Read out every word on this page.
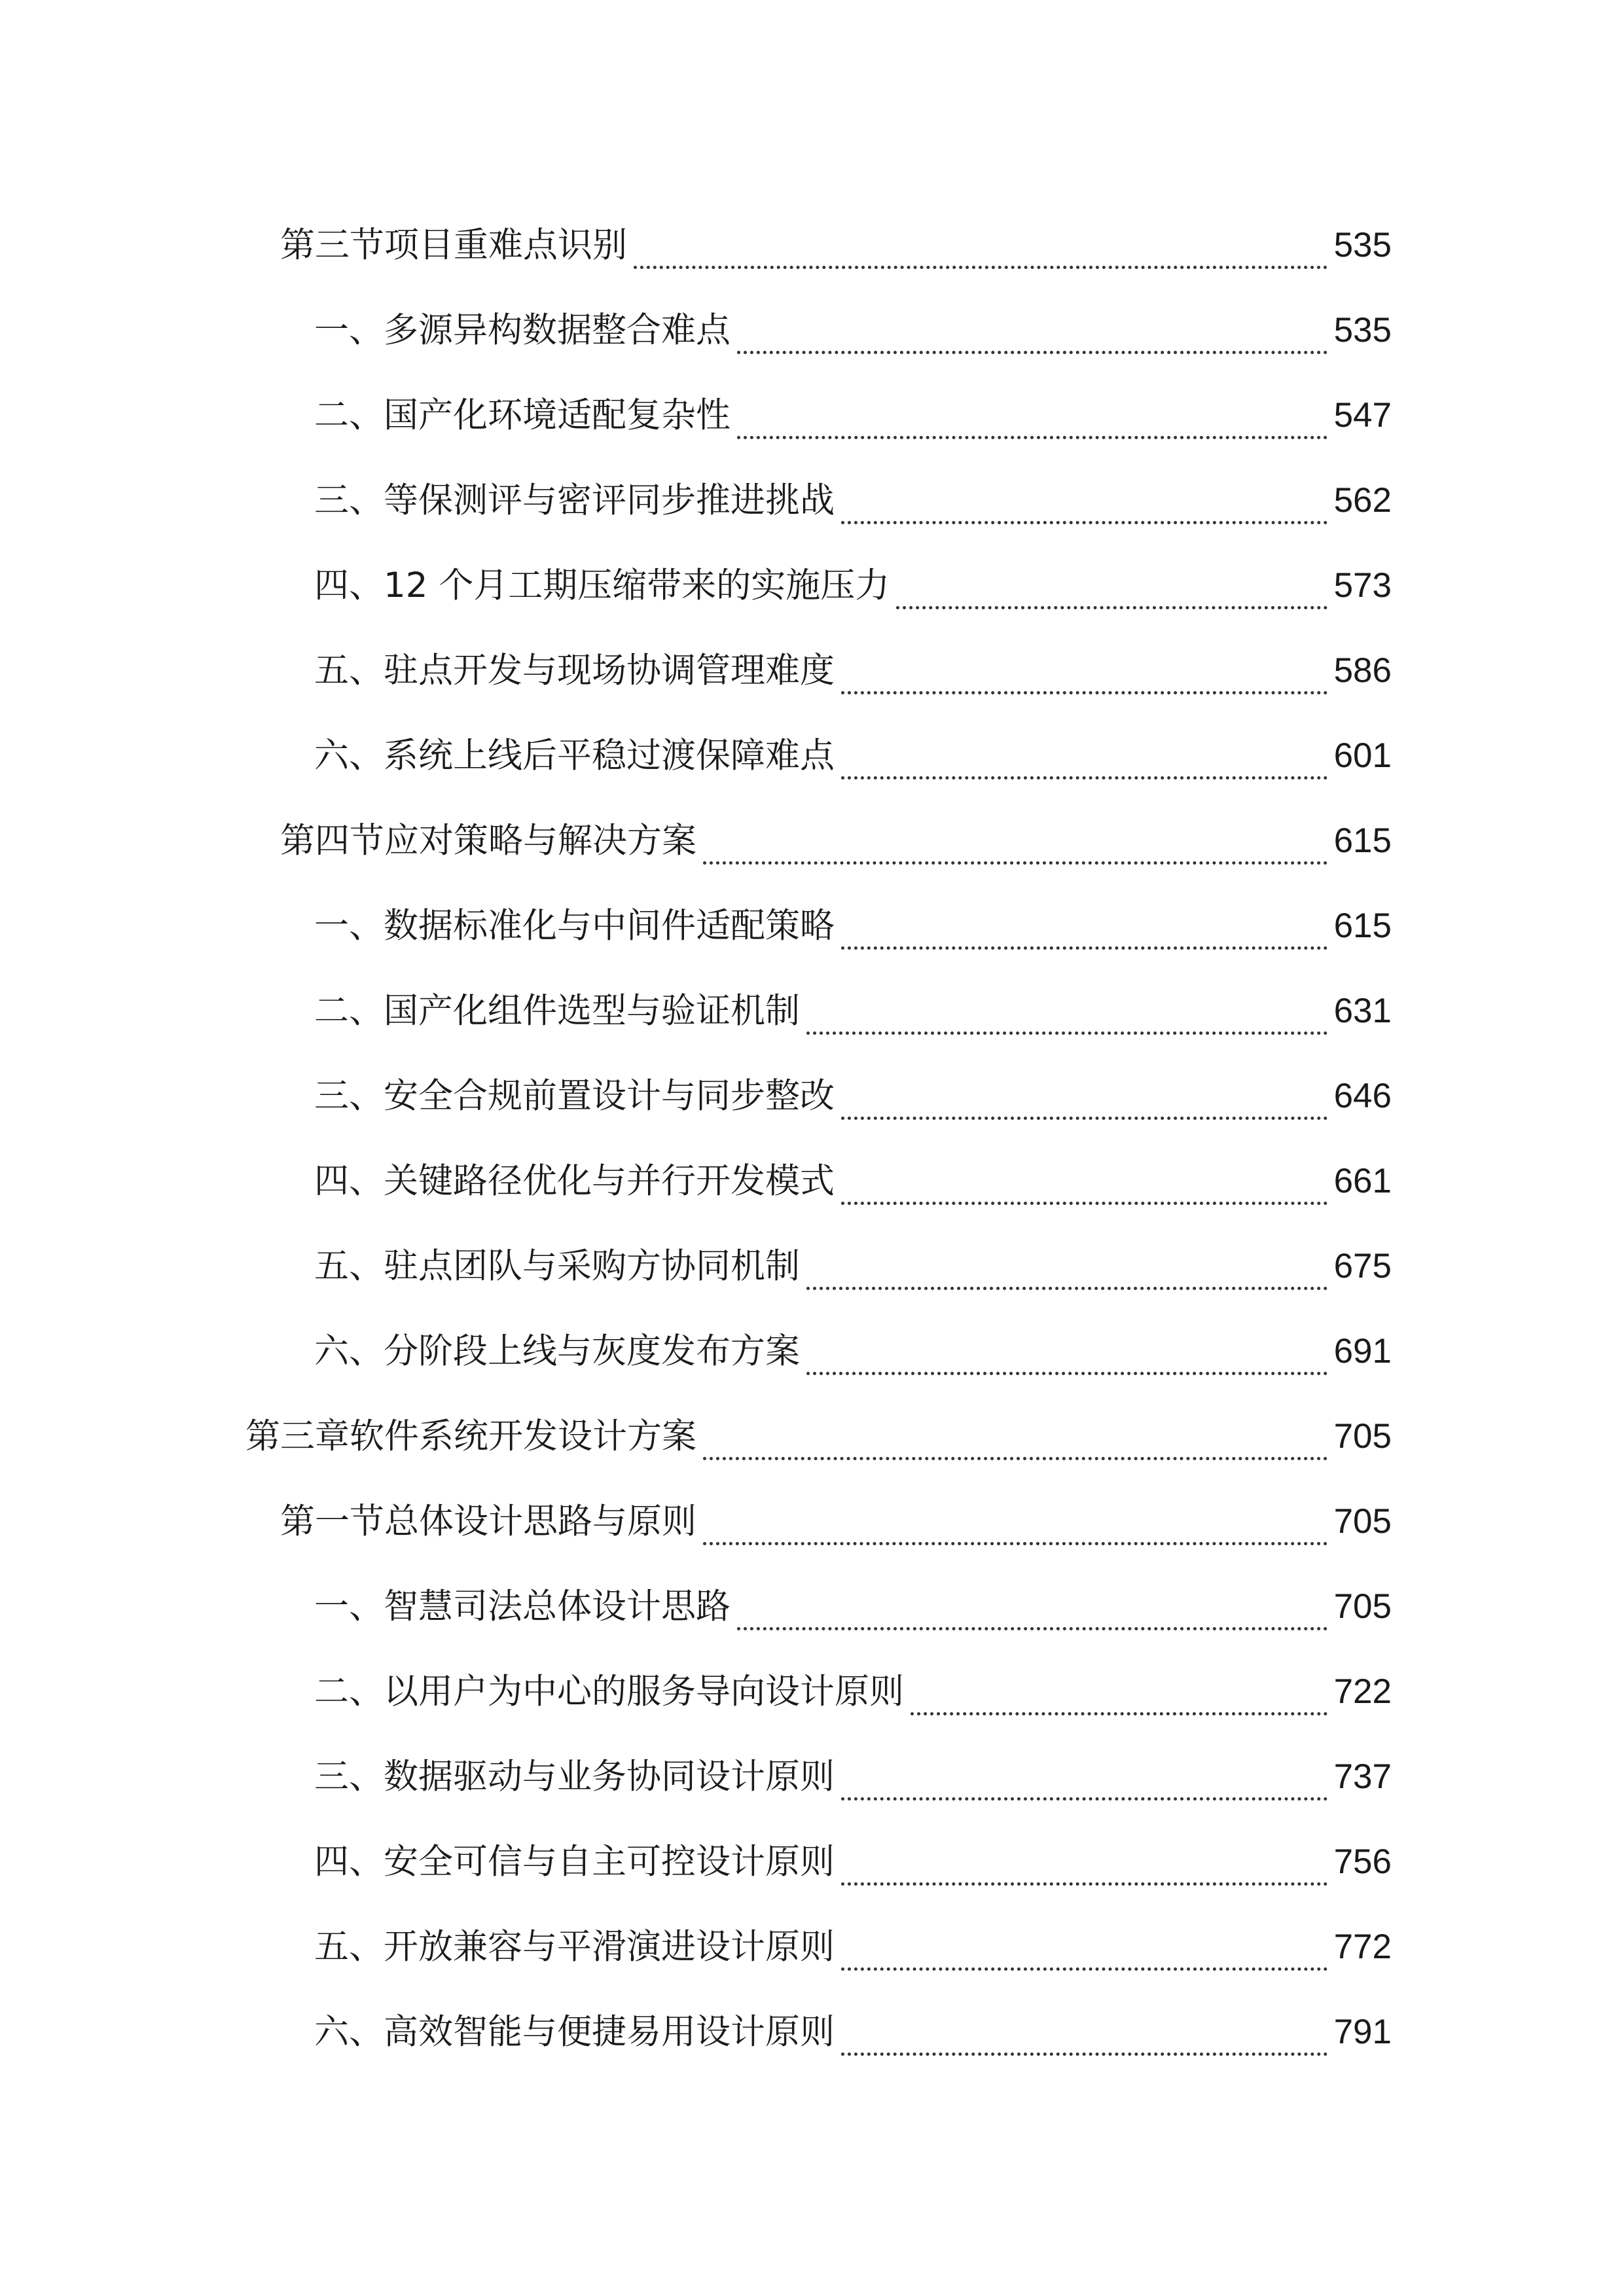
第三节项目重难点识别	535
一、多源异构数据整合难点	535
二、国产化环境适配复杂性	547
三、等保测评与密评同步推进挑战	562
四、12 个月工期压缩带来的实施压力	573
五、驻点开发与现场协调管理难度	586
六、系统上线后平稳过渡保障难点	601
第四节应对策略与解决方案	615
一、数据标准化与中间件适配策略	615
二、国产化组件选型与验证机制	631
三、安全合规前置设计与同步整改	646
四、关键路径优化与并行开发模式	661
五、驻点团队与采购方协同机制	675
六、分阶段上线与灰度发布方案	691
第三章软件系统开发设计方案	705
第一节总体设计思路与原则	705
一、智慧司法总体设计思路	705
二、以用户为中心的服务导向设计原则	722
三、数据驱动与业务协同设计原则	737
四、安全可信与自主可控设计原则	756
五、开放兼容与平滑演进设计原则	772
六、高效智能与便捷易用设计原则	791
